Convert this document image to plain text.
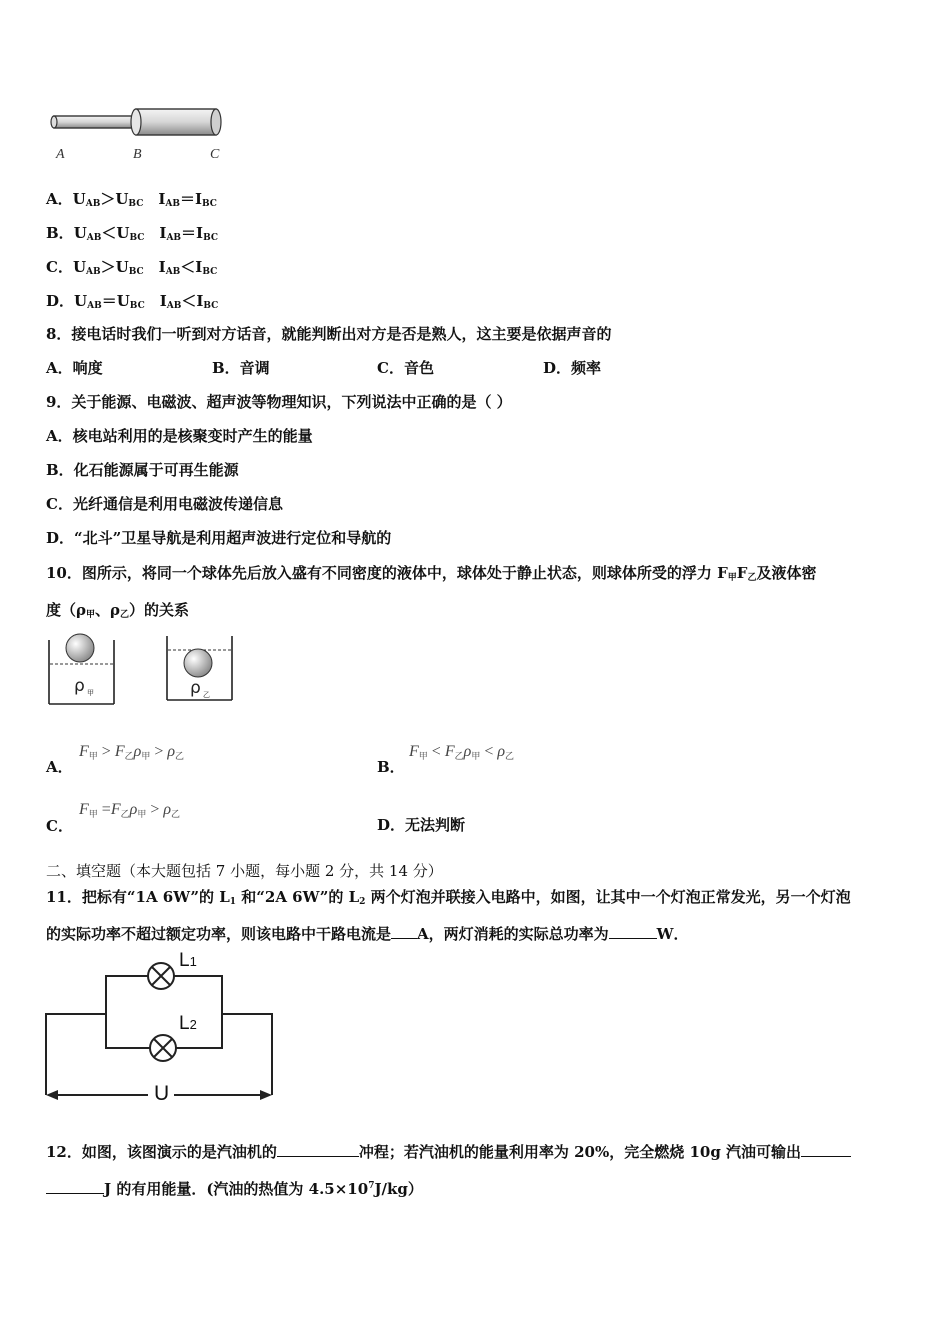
A	B	C
A．$U_{AB}>U_{BC}$　$I_{AB}=I_{BC}$
B．$U_{AB}<U_{BC}$　$I_{AB}=I_{BC}$
C．$U_{AB}>U_{BC}$　$I_{AB}<I_{BC}$
D．$U_{AB}=U_{BC}$　$I_{AB}<I_{BC}$
8．接电话时我们一听到对方话音，就能判断出对方是否是熟人，这主要是依据声音的
A．响度	B．音调	C．音色	D．频率
9．关于能源、电磁波、超声波等物理知识，下列说法中正确的是（ ）
A．核电站利用的是核聚变时产生的能量
B．化石能源属于可再生能源
C．光纤通信是利用电磁波传递信息
D．“北斗”卫星导航是利用超声波进行定位和导航的
10．图所示，将同一个球体先后放入盛有不同密度的液体中，球体处于静止状态，则球体所受的浮力 $F_甲F_乙$及液体密
度（$\rho_甲$、$\rho_乙$）的关系
ρ 甲	ρ 乙
A．
F甲 > F乙ρ甲 > ρ乙
B．
F甲 < F乙ρ甲 < ρ乙
C．
F甲 =F乙ρ甲 > ρ乙
D．无法判断
二、填空题（本大题包括 7 小题，每小题 2 分，共 14 分）
11．把标有“1A 6W”的 $L_1$ 和“2A 6W”的 $L_2$ 两个灯泡并联接入电路中，如图，让其中一个灯泡正常发光，另一个灯泡
的实际功率不超过额定功率，则该电路中干路电流是 A，两灯消耗的实际总功率为	W．
L1
L2
U
12．如图，该图演示的是汽油机的	冲程；若汽油机的能量利用率为 20%，完全燃烧 10g 汽油可输出
J 的有用能量．(汽油的热值为 $4.5\times 10^7J/kg$）
